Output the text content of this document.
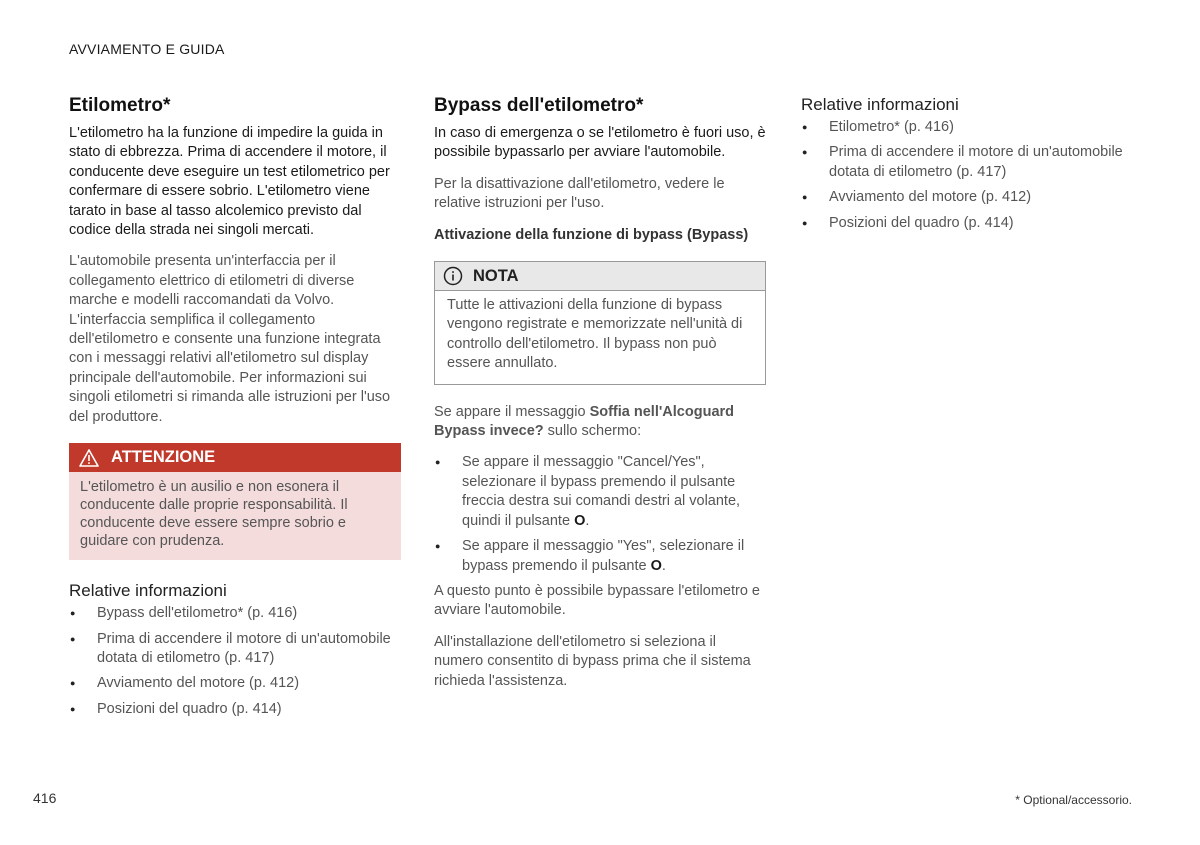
AVVIAMENTO E GUIDA
Etilometro*

L'etilometro ha la funzione di impedire la guida in stato di ebbrezza. Prima di accendere il motore, il conducente deve eseguire un test etilometrico per confermare di essere sobrio. L'etilometro viene tarato in base al tasso alcolemico previsto dal codice della strada nei singoli mercati.

L'automobile presenta un'interfaccia per il collegamento elettrico di etilometri di diverse marche e modelli raccomandati da Volvo. L'interfaccia semplifica il collegamento dell'etilometro e consente una funzione integrata con i messaggi relativi all'etilometro sul display principale dell'automobile. Per informazioni sui singoli etilometri si rimanda alle istruzioni per l'uso del produttore.

ATTENZIONE
L'etilometro è un ausilio e non esonera il conducente dalle proprie responsabilità. Il conducente deve essere sempre sobrio e guidare con prudenza.
Relative informazioni
● Bypass dell'etilometro* (p. 416)
● Prima di accendere il motore di un'automobile dotata di etilometro (p. 417)
● Avviamento del motore (p. 412)
● Posizioni del quadro (p. 414)
Bypass dell'etilometro*

In caso di emergenza o se l'etilometro è fuori uso, è possibile bypassarlo per avviare l'automobile.

Per la disattivazione dall'etilometro, vedere le relative istruzioni per l'uso.

Attivazione della funzione di bypass (Bypass)

NOTA
Tutte le attivazioni della funzione di bypass vengono registrate e memorizzate nell'unità di controllo dell'etilometro. Il bypass non può essere annullato.

Se appare il messaggio Soffia nell'Alcoguard Bypass invece? sullo schermo:

● Se appare il messaggio "Cancel/Yes", selezionare il bypass premendo il pulsante freccia destra sui comandi destri al volante, quindi il pulsante O.
● Se appare il messaggio "Yes", selezionare il bypass premendo il pulsante O.

A questo punto è possibile bypassare l'etilometro e avviare l'automobile.

All'installazione dell'etilometro si seleziona il numero consentito di bypass prima che il sistema richieda l'assistenza.

Relative informazioni
● Etilometro* (p. 416)
● Prima di accendere il motore di un'automobile dotata di etilometro (p. 417)
● Avviamento del motore (p. 412)
● Posizioni del quadro (p. 414)
416	* Optional/accessorio.
